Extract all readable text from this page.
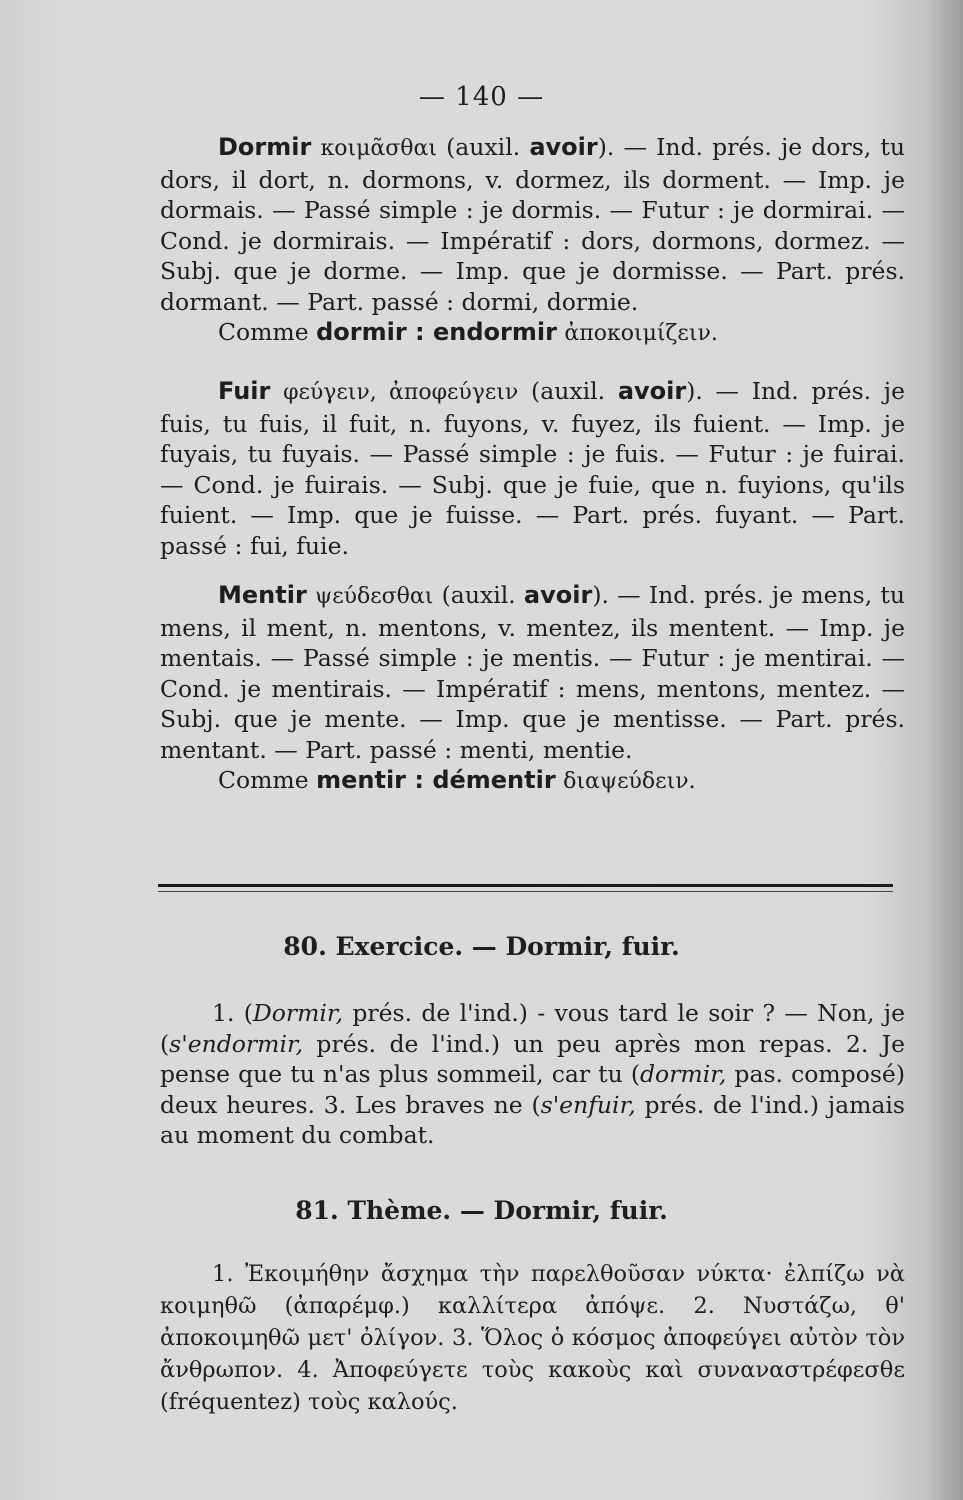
— 140 —

Dormir κοιμᾶσθαι (auxil. avoir). — Ind. prés. je dors, tu dors, il dort, n. dormons, v. dormez, ils dorment. — Imp. je dormais. — Passé simple : je dormis. — Futur : je dormirai. — Cond. je dormirais. — Impératif : dors, dormons, dormez. — Subj. que je dorme. — Imp. que je dormisse. — Part. prés. dormant. — Part. passé : dormi, dormie.

Comme dormir : endormir ἀποκοιμίζειν.

Fuir φεύγειν, ἀποφεύγειν (auxil. avoir). — Ind. prés. je fuis, tu fuis, il fuit, n. fuyons, v. fuyez, ils fuient. — Imp. je fuyais, tu fuyais. — Passé simple : je fuis. — Futur : je fuirai. — Cond. je fuirais. — Subj. que je fuie, que n. fuyions, qu'ils fuient. — Imp. que je fuisse. — Part. prés. fuyant. — Part. passé : fui, fuie.

Mentir ψεύδεσθαι (auxil. avoir). — Ind. prés. je mens, tu mens, il ment, n. mentons, v. mentez, ils mentent. — Imp. je mentais. — Passé simple : je mentis. — Futur : je mentirai. — Cond. je mentirais. — Impératif : mens, mentons, mentez. — Subj. que je mente. — Imp. que je mentisse. — Part. prés. mentant. — Part. passé : menti, mentie.

Comme mentir : démentir διαψεύδειν.

80. Exercice. — Dormir, fuir.

1. (Dormir, prés. de l'ind.) - vous tard le soir ? — Non, je (s'endormir, prés. de l'ind.) un peu après mon repas. 2. Je pense que tu n'as plus sommeil, car tu (dormir, pas. composé) deux heures. 3. Les braves ne (s'enfuir, prés. de l'ind.) jamais au moment du combat.

81. Thème. — Dormir, fuir.

1. Ἐκοιμήθην ἄσχημα τὴν παρελθοῦσαν νύκτα· ἐλπίζω νὰ κοιμηθῶ (ἀπαρέμφ.) καλλίτερα ἀπόψε. 2. Νυστάζω, θ' ἀποκοιμηθῶ μετ' ὀλίγον. 3. Ὅλος ὁ κόσμος ἀποφεύγει αὐτὸν τὸν ἄνθρωπον. 4. Ἀποφεύγετε τοὺς κακοὺς καὶ συναναστρέφεσθε (fréquentez) τοὺς καλούς.
